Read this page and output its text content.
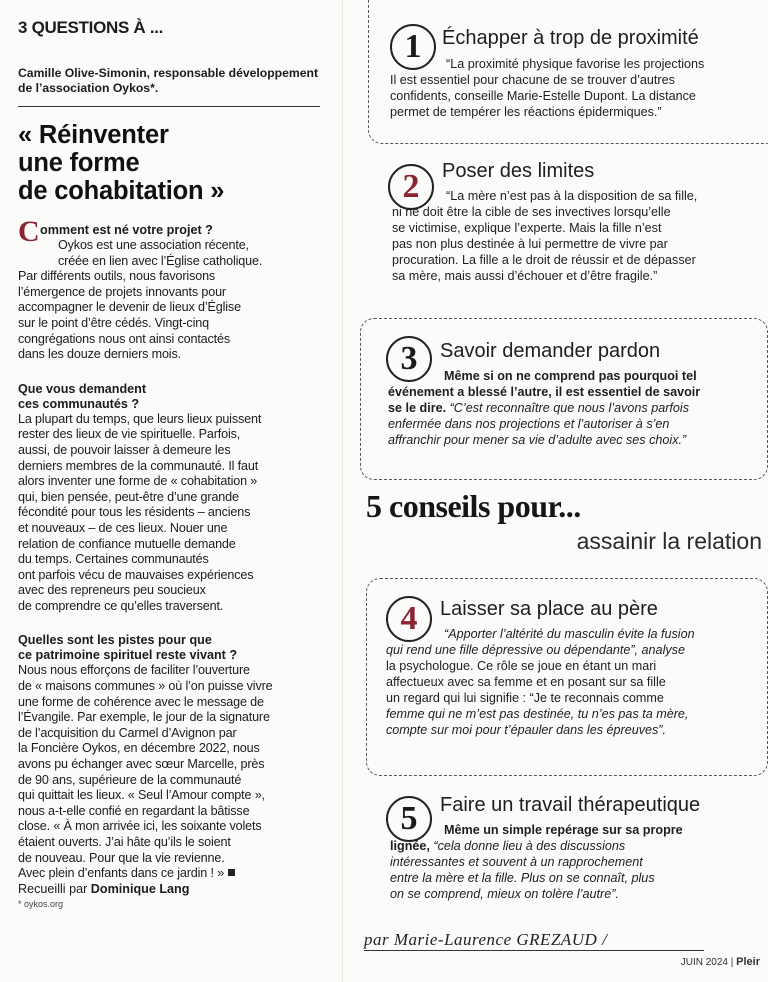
3 QUESTIONS À ...

Camille Olive-Simonin, responsable développement de l’association Oykos*.

« Réinventer
une forme
de cohabitation »
C omment est né votre projet ?

Oykos est une association récente,

créée en lien avec l’Église catholique.

Par différents outils, nous favorisons

l’émergence de projets innovants pour

accompagner le devenir de lieux d’Église

sur le point d’être cédés. Vingt-cinq

congrégations nous ont ainsi contactés

dans les douze derniers mois.

Que vous demandent

ces communautés ?

La plupart du temps, que leurs lieux puissent

rester des lieux de vie spirituelle. Parfois,

aussi, de pouvoir laisser à demeure les

derniers membres de la communauté. Il faut

alors inventer une forme de « cohabitation »

qui, bien pensée, peut-être d’une grande

fécondité pour tous les résidents – anciens

et nouveaux – de ces lieux. Nouer une

relation de confiance mutuelle demande

du temps. Certaines communautés

ont parfois vécu de mauvaises expériences

avec des repreneurs peu soucieux

de comprendre ce qu’elles traversent.

Quelles sont les pistes pour que

ce patrimoine spirituel reste vivant ?

Nous nous efforçons de faciliter l’ouverture

de « maisons communes » où l’on puisse vivre

une forme de cohérence avec le message de

l’Évangile. Par exemple, le jour de la signature

de l’acquisition du Carmel d’Avignon par

la Foncière Oykos, en décembre 2022, nous

avons pu échanger avec sœur Marcelle, près

de 90 ans, supérieure de la communauté

qui quittait les lieux. « Seul l’Amour compte »,

nous a-t-elle confié en regardant la bâtisse

close. « À mon arrivée ici, les soixante volets

étaient ouverts. J’ai hâte qu’ils le soient

de nouveau. Pour que la vie revienne.

Avec plein d’enfants dans ce jardin ! »

Recueilli par Dominique Lang

* oykos.org
1	Échapper à trop de proximité
“La proximité physique favorise les projections
Il est essentiel pour chacune de se trouver d’autres
confidents, conseille Marie-Estelle Dupont. La distance
permet de tempérer les réactions épidermiques.”
2	Poser des limites
“La mère n’est pas à la disposition de sa fille,
ni ne doit être la cible de ses invectives lorsqu’elle
se victimise, explique l’experte. Mais la fille n’est
pas non plus destinée à lui permettre de vivre par
procuration. La fille a le droit de réussir et de dépasser
sa mère, mais aussi d’échouer et d’être fragile.”
3	Savoir demander pardon
Même si on ne comprend pas pourquoi tel
événement a blessé l’autre, il est essentiel de savoir
se le dire. “C’est reconnaître que nous l’avons parfois
enfermée dans nos projections et l’autoriser à s’en
affranchir pour mener sa vie d’adulte avec ses choix.”
5 conseils pour...
assainir la relation
4	Laisser sa place au père
“Apporter l’altérité du masculin évite la fusion
qui rend une fille dépressive ou dépendante”, analyse
la psychologue. Ce rôle se joue en étant un mari
affectueux avec sa femme et en posant sur sa fille
un regard qui lui signifie : “Je te reconnais comme
femme qui ne m’est pas destinée, tu n’es pas ta mère,
compte sur moi pour t’épauler dans les épreuves”.
5	Faire un travail thérapeutique
Même un simple repérage sur sa propre
lignée, “cela donne lieu à des discussions
intéressantes et souvent à un rapprochement
entre la mère et la fille. Plus on se connaît, plus
on se comprend, mieux on tolère l’autre”.
par Marie-Laurence GREZAUD /
JUIN 2024 | Pleir
